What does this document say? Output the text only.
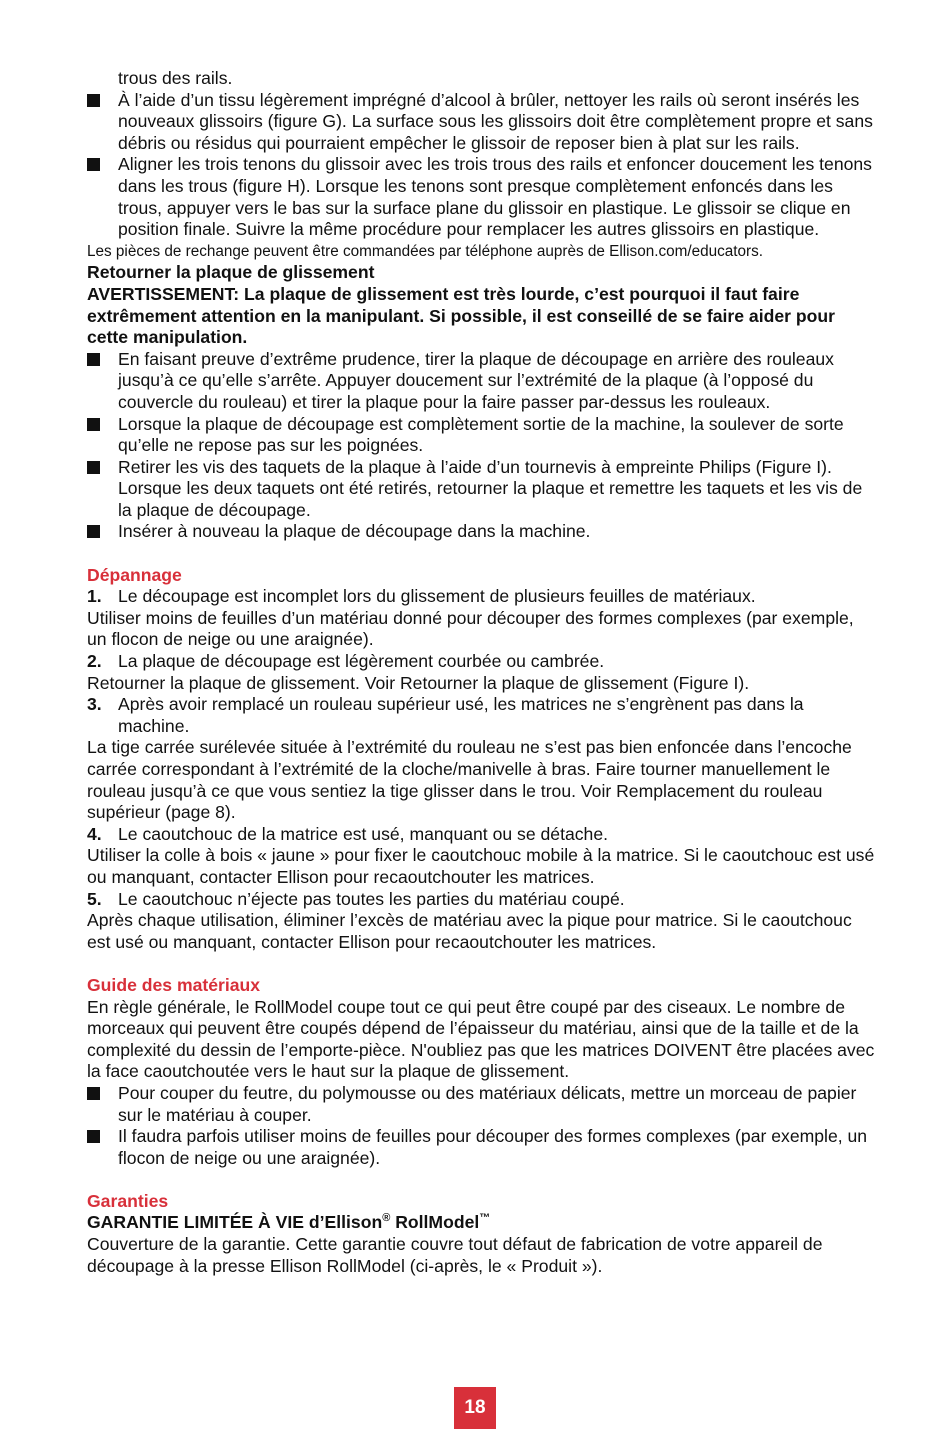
trous des rails.

À l’aide d’un tissu légèrement imprégné d’alcool à brûler, nettoyer les rails où seront insérés les nouveaux glissoirs (figure G). La surface sous les glissoirs doit être complètement propre et sans débris ou résidus qui pourraient empêcher le glissoir de reposer bien à plat sur les rails.

Aligner les trois tenons du glissoir avec les trois trous des rails et enfoncer doucement les tenons dans les trous (figure H). Lorsque les tenons sont presque complètement enfoncés dans les trous, appuyer vers le bas sur la surface plane du glissoir en plastique. Le glissoir se clique en position finale. Suivre la même procédure pour remplacer les autres glissoirs en plastique.

Les pièces de rechange peuvent être commandées par téléphone auprès de Ellison.com/educators.

Retourner la plaque de glissement

AVERTISSEMENT: La plaque de glissement est très lourde, c’est pourquoi il faut faire extrêmement attention en la manipulant. Si possible, il est conseillé de se faire aider pour cette manipulation.

En faisant preuve d’extrême prudence, tirer la plaque de découpage en arrière des rouleaux jusqu’à ce qu’elle s’arrête. Appuyer doucement sur l’extrémité de la plaque (à l’opposé du couvercle du rouleau) et tirer la plaque pour la faire passer par-dessus les rouleaux.

Lorsque la plaque de découpage est complètement sortie de la machine, la soulever de sorte qu’elle ne repose pas sur les poignées.

Retirer les vis des taquets de la plaque à l’aide d’un tournevis à empreinte Philips (Figure I). Lorsque les deux taquets ont été retirés, retourner la plaque et remettre les taquets et les vis de la plaque de découpage.

Insérer à nouveau la plaque de découpage dans la machine.

Dépannage

1. Le découpage est incomplet lors du glissement de plusieurs feuilles de matériaux.

Utiliser moins de feuilles d’un matériau donné pour découper des formes complexes (par exemple, un flocon de neige ou une araignée).

2. La plaque de découpage est légèrement courbée ou cambrée.

Retourner la plaque de glissement. Voir Retourner la plaque de glissement (Figure I).

3. Après avoir remplacé un rouleau supérieur usé, les matrices ne s’engrènent pas dans la machine.

La tige carrée surélevée située à l’extrémité du rouleau ne s’est pas bien enfoncée dans l’encoche carrée correspondant à l’extrémité de la cloche/manivelle à bras. Faire tourner manuellement le rouleau jusqu’à ce que vous sentiez la tige glisser dans le trou. Voir Remplacement du rouleau supérieur (page 8).

4. Le caoutchouc de la matrice est usé, manquant ou se détache.

Utiliser la colle à bois « jaune » pour fixer le caoutchouc mobile à la matrice. Si le caoutchouc est usé ou manquant, contacter Ellison pour recaoutchouter les matrices.

5. Le caoutchouc n’éjecte pas toutes les parties du matériau coupé.

Après chaque utilisation, éliminer l’excès de matériau avec la pique pour matrice. Si le caoutchouc est usé ou manquant, contacter Ellison pour recaoutchouter les matrices.

Guide des matériaux

En règle générale, le RollModel coupe tout ce qui peut être coupé par des ciseaux. Le nombre de morceaux qui peuvent être coupés dépend de l’épaisseur du matériau, ainsi que de la taille et de la complexité du dessin de l’emporte-pièce. N'oubliez pas que les matrices DOIVENT être placées avec la face caoutchoutée vers le haut sur la plaque de glissement.

Pour couper du feutre, du polymousse ou des matériaux délicats, mettre un morceau de papier sur le matériau à couper.

Il faudra parfois utiliser moins de feuilles pour découper des formes complexes (par exemple, un flocon de neige ou une araignée).

Garanties

GARANTIE LIMITÉE À VIE d’Ellison® RollModel™

Couverture de la garantie. Cette garantie couvre tout défaut de fabrication de votre appareil de découpage à la presse Ellison RollModel (ci-après, le « Produit »).

18
